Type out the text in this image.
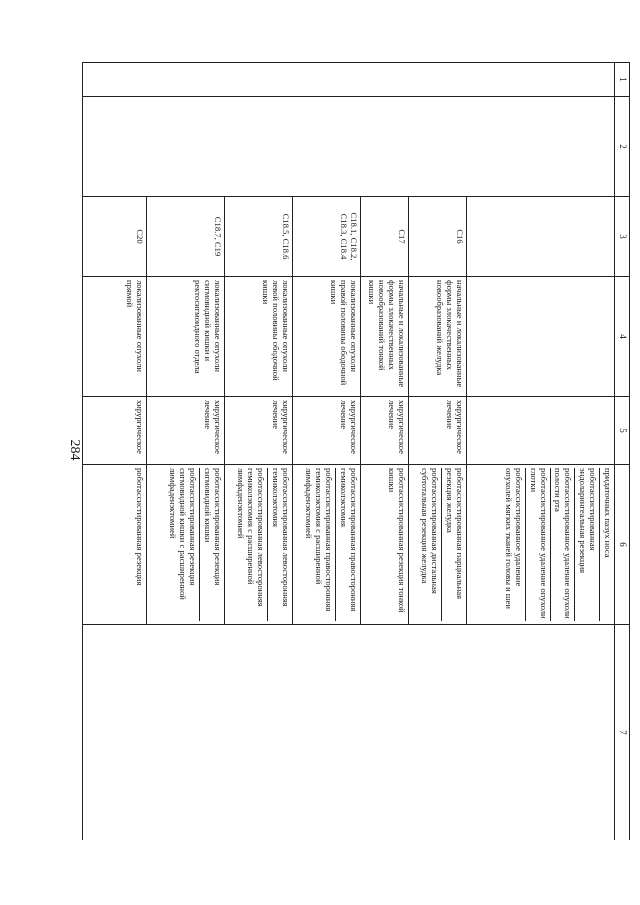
284
1	2	3	4	5	6	7

					придаточных пазух носа
роботассистированная эндоларингеальная резекция
роботассистированное удаление опухоли полости рта
роботассистированное удаление опухоли глотки
роботассистированное удаление опухолей мягких тканей головы и шеи	

		C16	начальные и локализованные формы злокачественных новообразований желудка	хирургическое лечение	роботассистированная парциальная резекция желудка
роботассистированная дистальная субтотальная резекция желудка	

		C17	начальные и локализованные формы злокачественных новообразований тонкой кишки	хирургическое лечение	роботассистированная резекция тонкой кишки	

		C18.1, C18.2, C18.3, C18.4	локализованные опухоли правой половины ободочной кишки	хирургическое лечение	роботассистированная правосторонняя гемиколэктомия
роботассистированная правосторонняя гемиколэктомия с расширенной лимфаденэктомией	

		C18.5, C18.6	локализованные опухоли левой половины ободочной кишки	хирургическое лечение	роботассистированная левосторонняя гемиколэктомия
роботассистированная левосторонняя гемиколэктомия с расширенной лимфаденэктомией	

		C18.7, C19	локализованные опухоли сигмовидной кишки и ректосигмоидного отдела	хирургическое лечение	роботассистированная резекция сигмовидной кишки
роботассистированная резекция сигмовидной кишки с расширенной лимфаденэктомией	

		C20	локализованные опухоли прямой	хирургическое	роботассистированная резекция	
